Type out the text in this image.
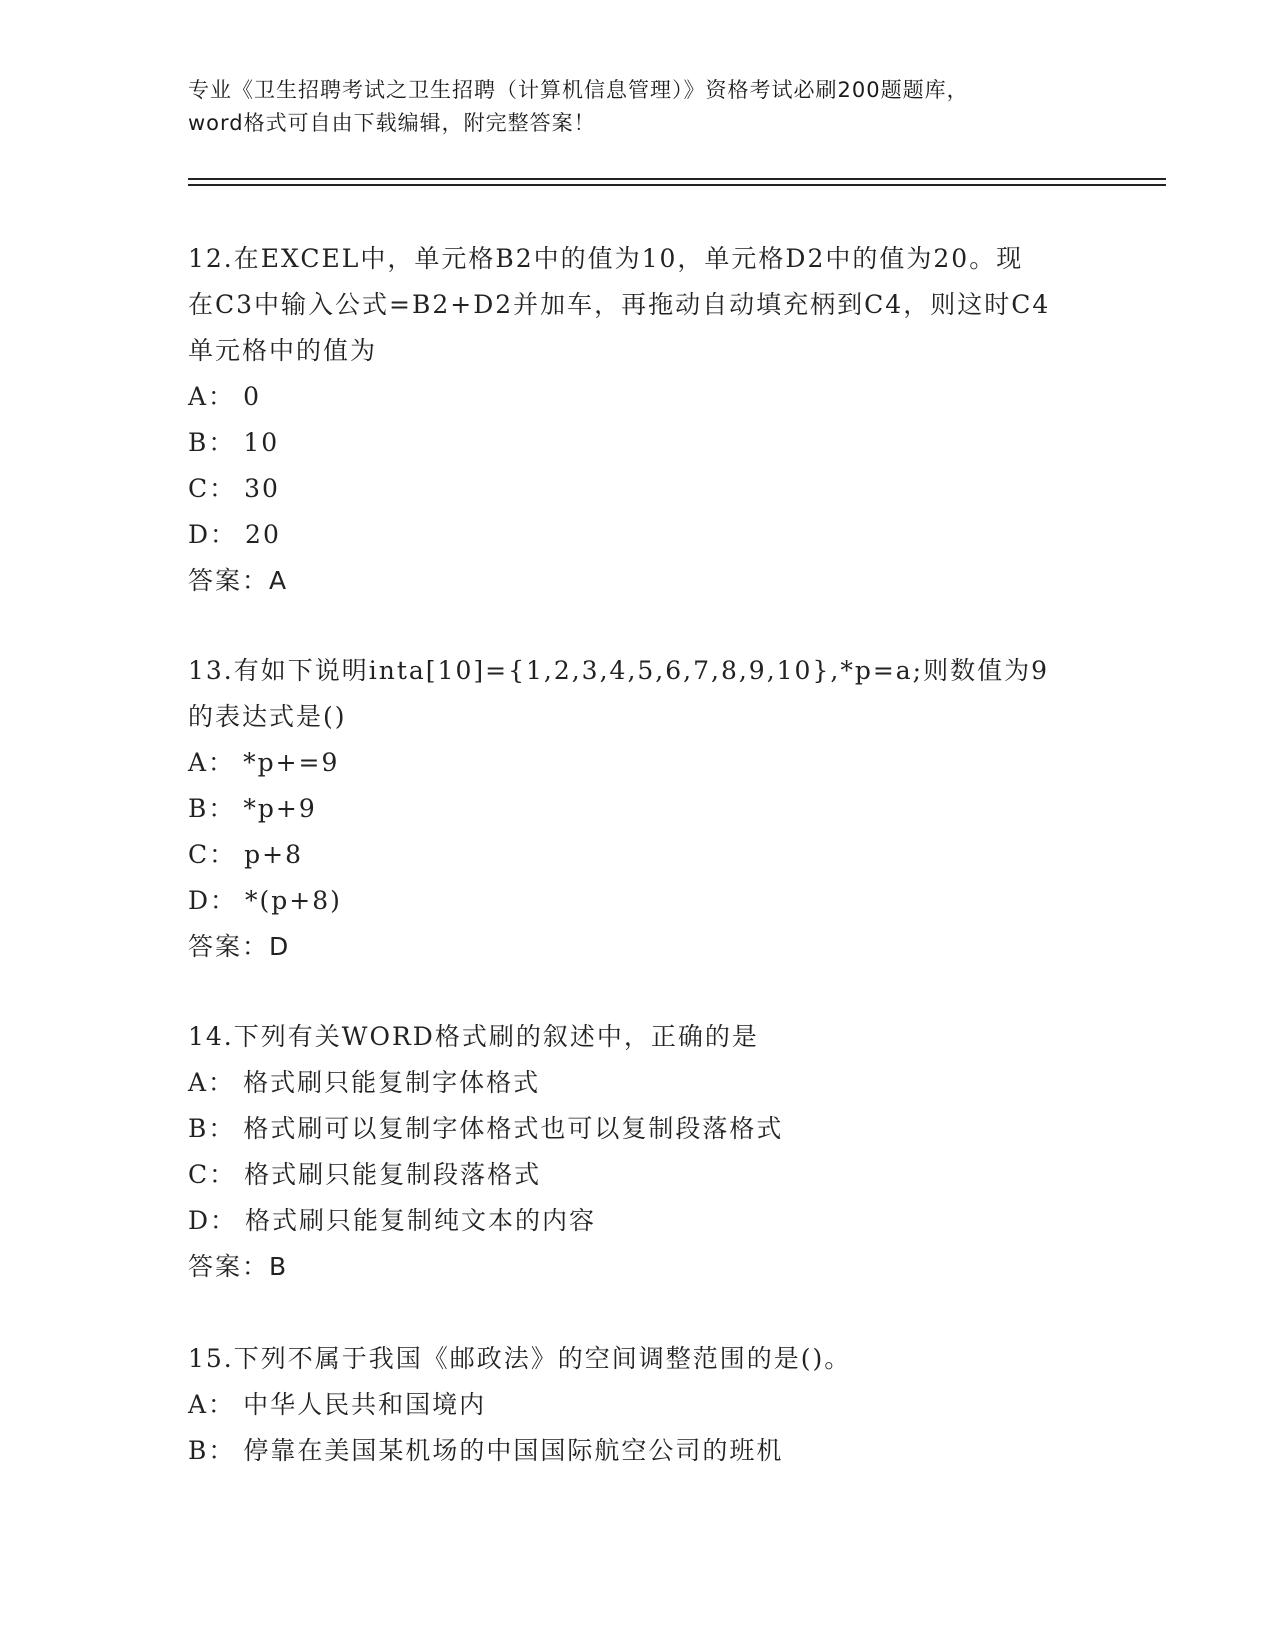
专业《卫生招聘考试之卫生招聘（计算机信息管理）》资格考试必刷200题题库，
word格式可自由下载编辑，附完整答案！

12.在EXCEL中，单元格B2中的值为10，单元格D2中的值为20。现

在C3中输入公式=B2+D2并加车，再拖动自动填充柄到C4，则这时C4

单元格中的值为

A： 0

B： 10

C： 30

D： 20

答案：A

13.有如下说明inta[10]={1,2,3,4,5,6,7,8,9,10},*p=a;则数值为9

的表达式是()

A： *p+=9

B： *p+9

C： p+8

D： *(p+8)

答案：D

14.下列有关WORD格式刷的叙述中，正确的是

A： 格式刷只能复制字体格式

B： 格式刷可以复制字体格式也可以复制段落格式

C： 格式刷只能复制段落格式

D： 格式刷只能复制纯文本的内容

答案：B

15.下列不属于我国《邮政法》的空间调整范围的是()。

A： 中华人民共和国境内

B： 停靠在美国某机场的中国国际航空公司的班机
